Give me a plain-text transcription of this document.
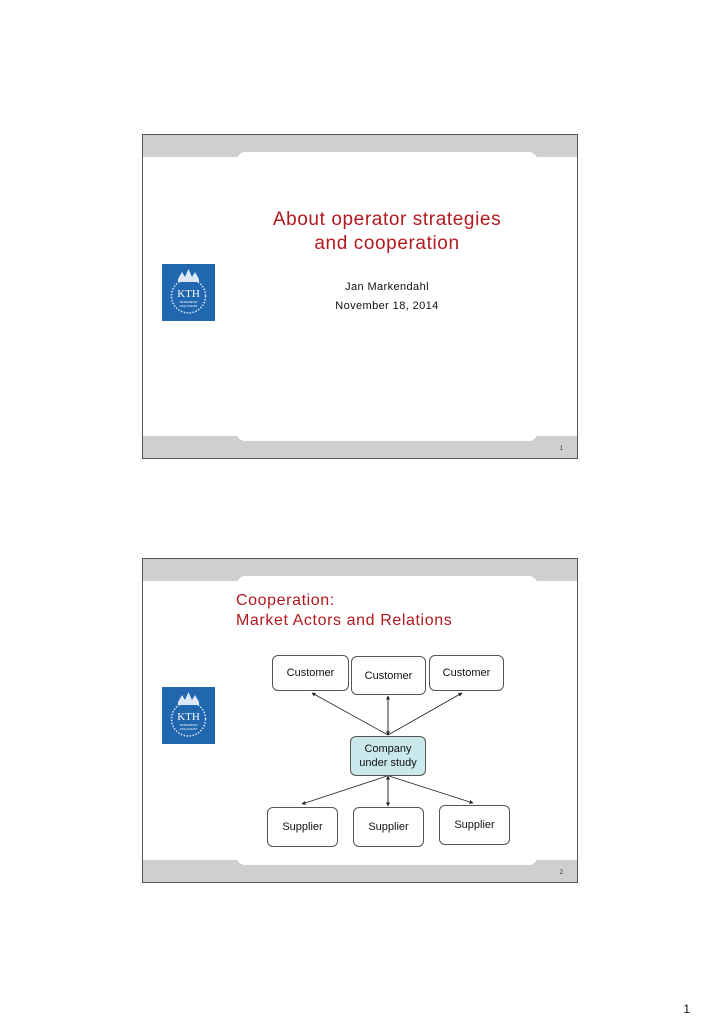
About operator strategies
and cooperation
Jan Markendahl
November 18, 2014
KTH
VETENSKAP
OCH KONST
1
Cooperation:
Market Actors and Relations
KTH
VETENSKAP
OCH KONST
Customer	Customer	Customer
Company
under study
Supplier	Supplier	Supplier
2
1
